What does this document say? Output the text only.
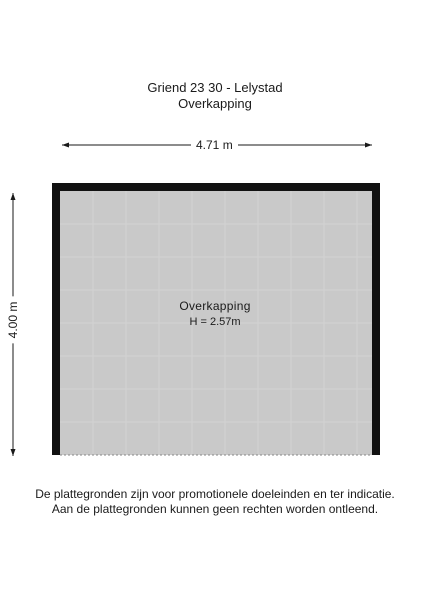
Griend 23 30 - Lelystad
Overkapping
4.71 m
4.00 m	Overkapping
H = 2.57m
De plattegronden zijn voor promotionele doeleinden en ter indicatie.
Aan de plattegronden kunnen geen rechten worden ontleend.
